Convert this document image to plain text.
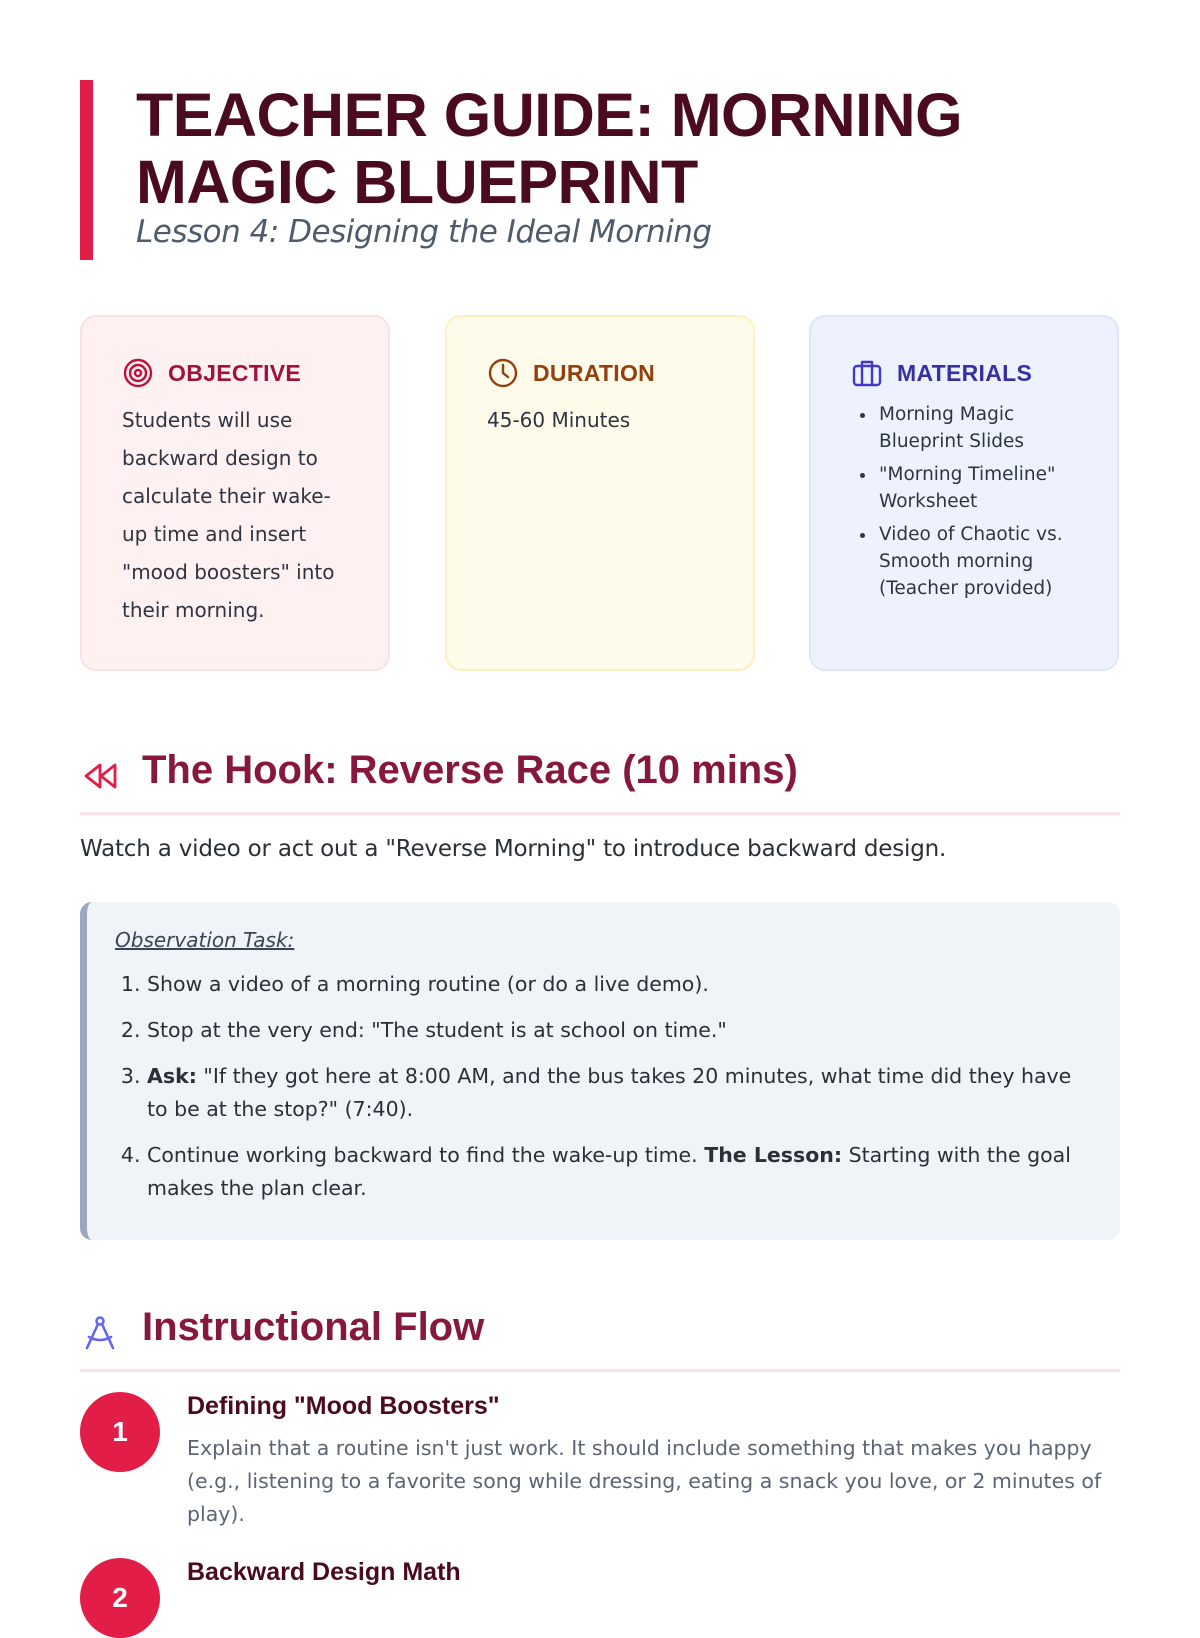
TEACHER GUIDE: MORNING MAGIC BLUEPRINT

Lesson 4: Designing the Ideal Morning

OBJECTIVE
Students will use backward design to calculate their wake-up time and insert "mood boosters" into their morning.
DURATION
45-60 Minutes
MATERIALS
• Morning Magic Blueprint Slides
• "Morning Timeline" Worksheet
• Video of Chaotic vs. Smooth morning (Teacher provided)
The Hook: Reverse Race (10 mins)

Watch a video or act out a "Reverse Morning" to introduce backward design.

Observation Task:

1. Show a video of a morning routine (or do a live demo).
2. Stop at the very end: "The student is at school on time."
3. Ask: "If they got here at 8:00 AM, and the bus takes 20 minutes, what time did they have to be at the stop?" (7:40).
4. Continue working backward to find the wake-up time. The Lesson: Starting with the goal makes the plan clear.
Instructional Flow
1
Defining "Mood Boosters"

Explain that a routine isn't just work. It should include something that makes you happy (e.g., listening to a favorite song while dressing, eating a snack you love, or 2 minutes of play).

2
Backward Design Math
